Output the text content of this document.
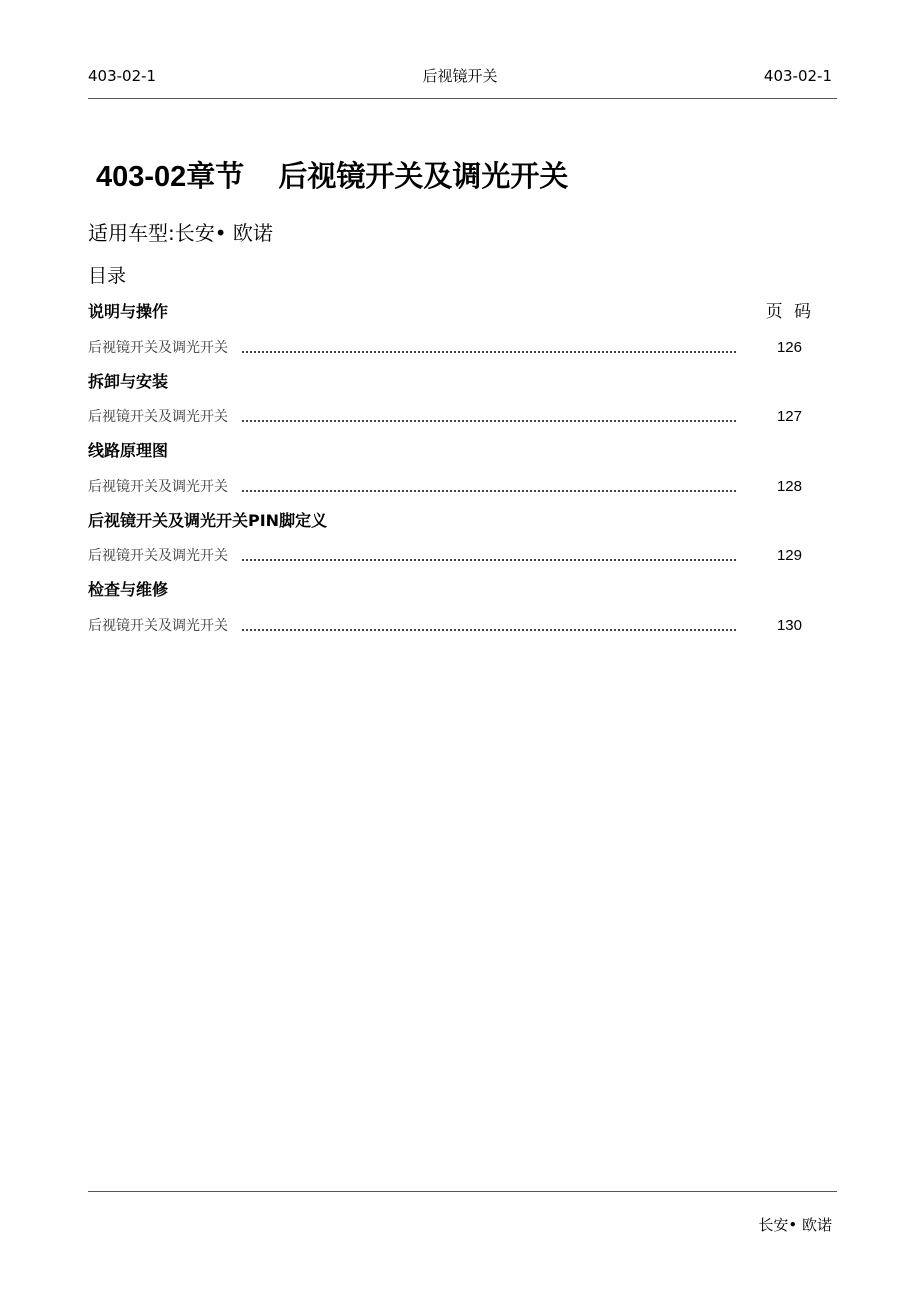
403-02-1	后视镜开关	403-02-1
403-02章节 后视镜开关及调光开关
适用车型:长安• 欧诺
目录
页 码
说明与操作
后视镜开关及调光开关	126
拆卸与安装
后视镜开关及调光开关	127
线路原理图
后视镜开关及调光开关	128
后视镜开关及调光开关PIN脚定义
后视镜开关及调光开关	129
检查与维修
后视镜开关及调光开关	130
长安• 欧诺
